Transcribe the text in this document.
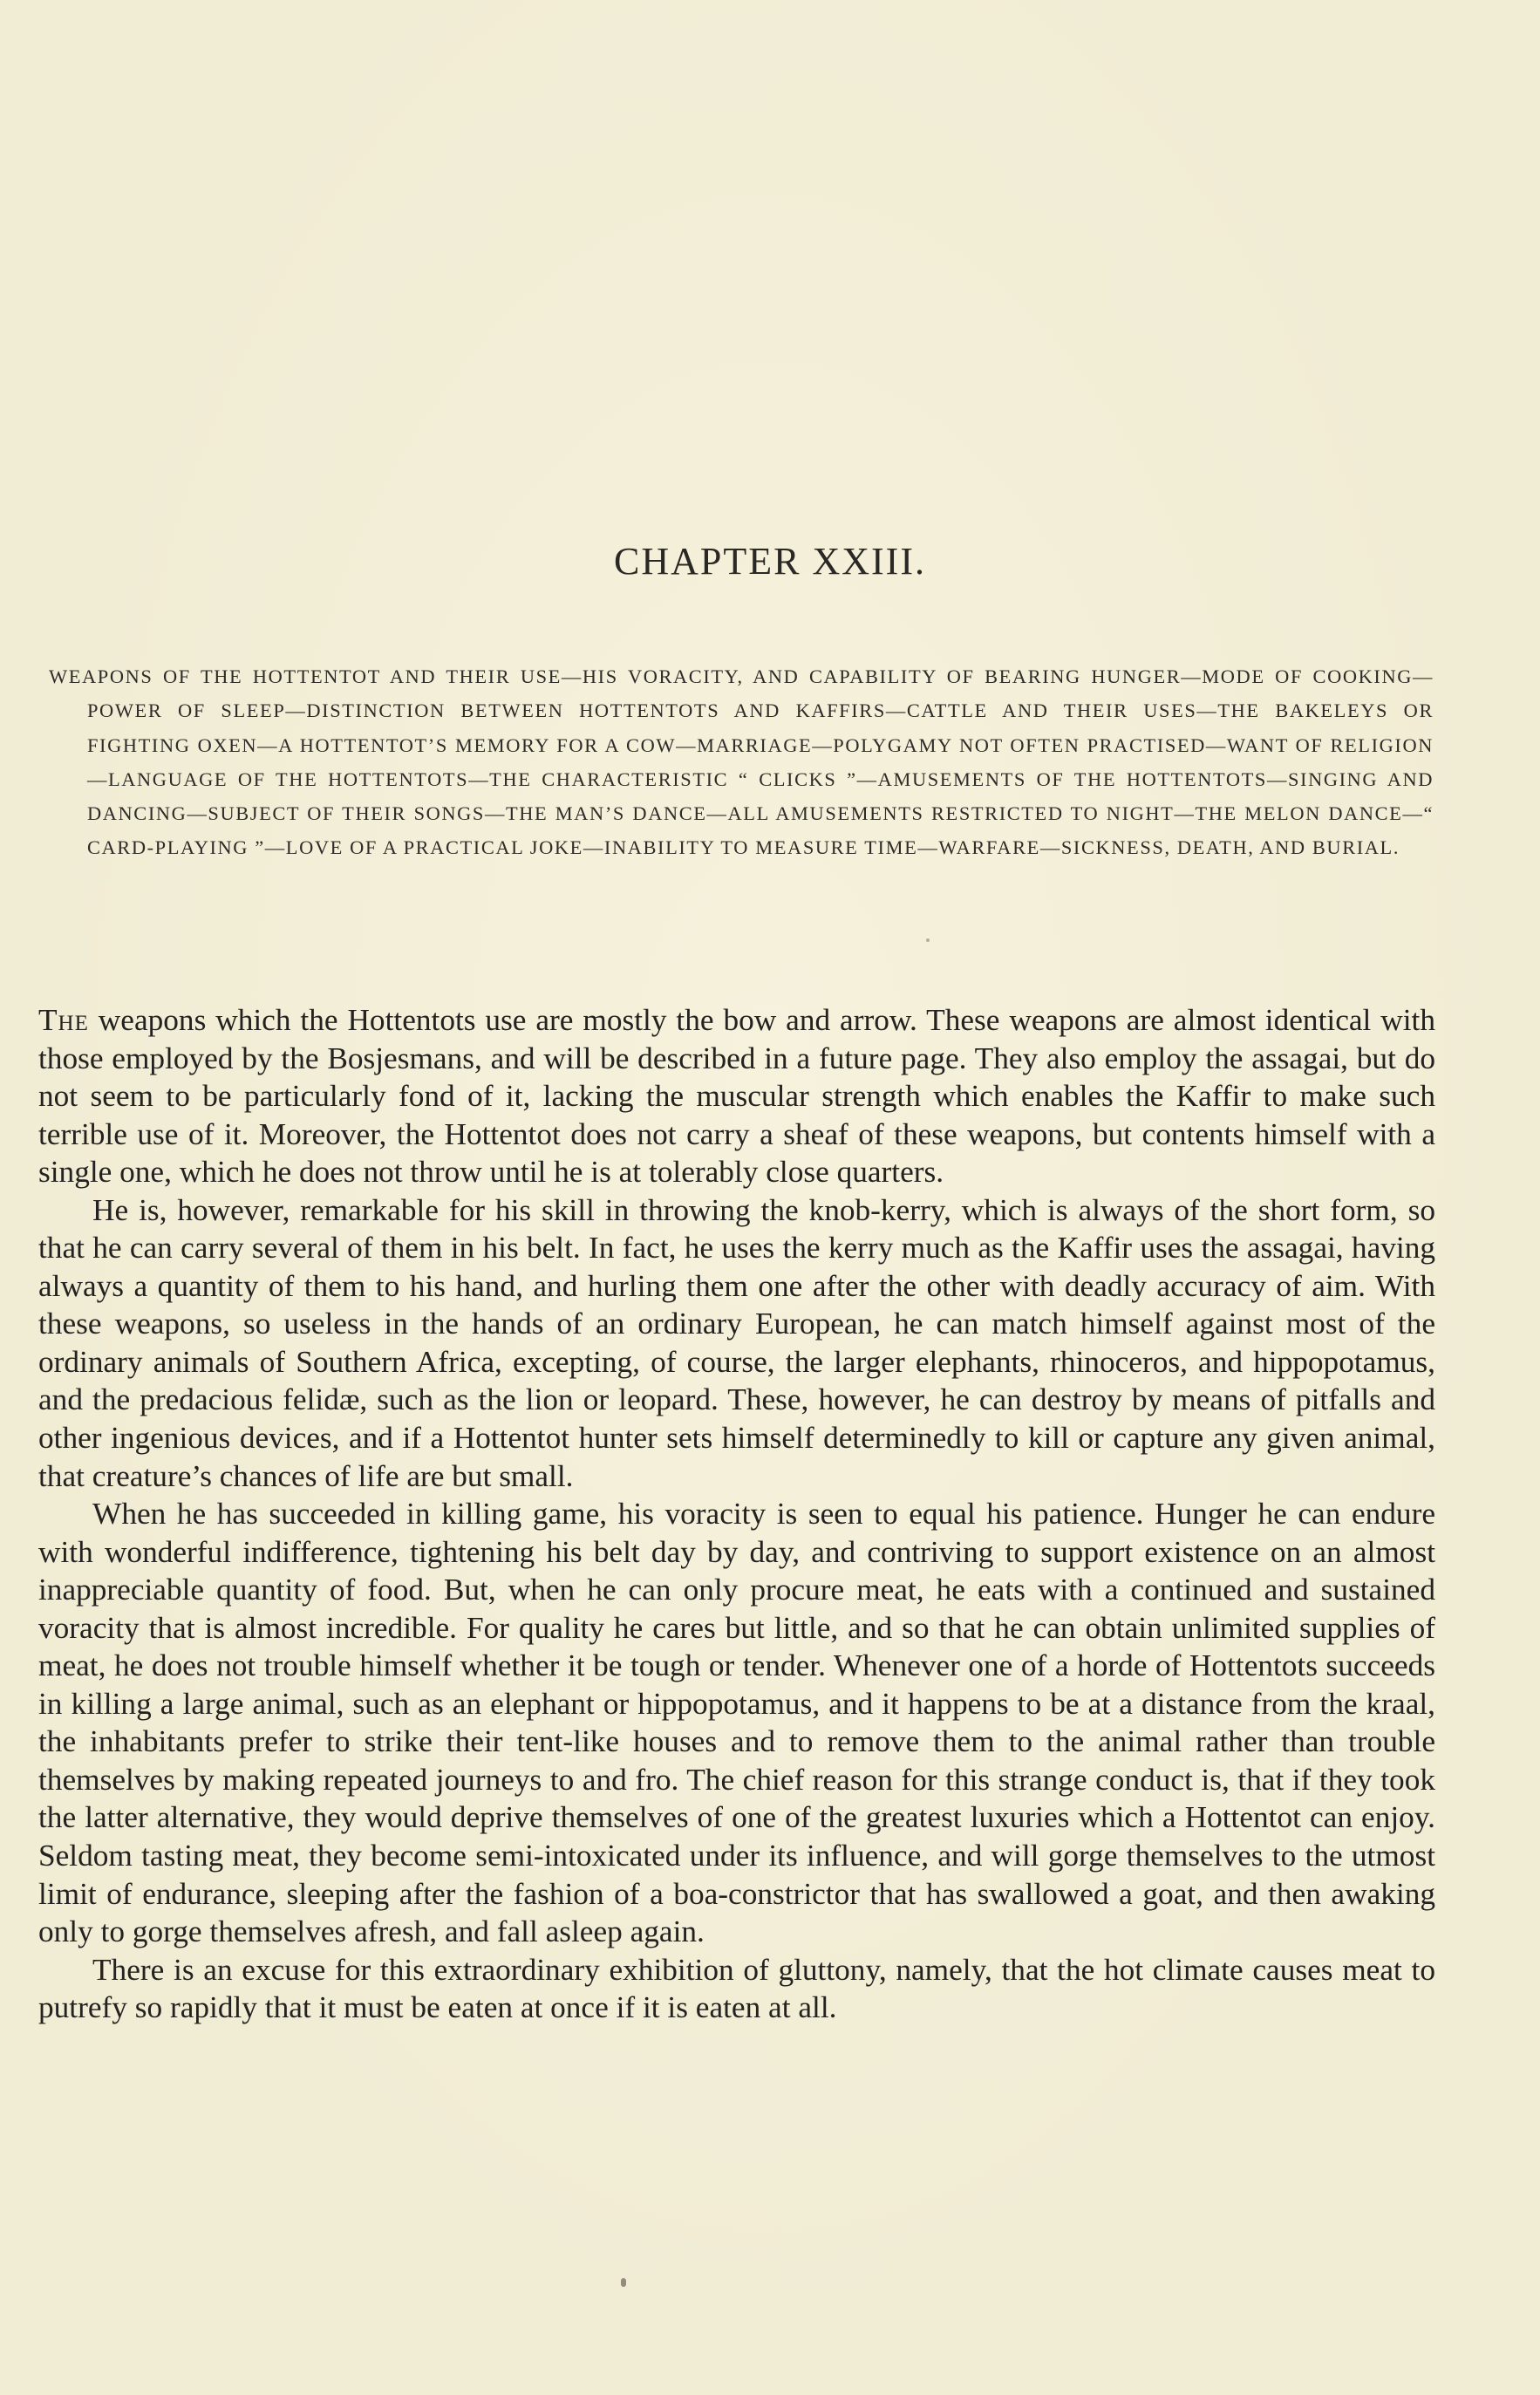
CHAPTER XXIII.

WEAPONS OF THE HOTTENTOT AND THEIR USE—HIS VORACITY, AND CAPABILITY OF BEARING HUNGER—MODE OF COOKING—POWER OF SLEEP—DISTINCTION BETWEEN HOTTENTOTS AND KAFFIRS—CATTLE AND THEIR USES—THE BAKELEYS OR FIGHTING OXEN—A HOTTENTOT’S MEMORY FOR A COW—MARRIAGE—POLYGAMY NOT OFTEN PRACTISED—WANT OF RELIGION—LANGUAGE OF THE HOTTENTOTS—THE CHARACTERISTIC “ CLICKS ”—AMUSEMENTS OF THE HOTTENTOTS—SINGING AND DANCING—SUBJECT OF THEIR SONGS—THE MAN’S DANCE—ALL AMUSEMENTS RESTRICTED TO NIGHT—THE MELON DANCE—“ CARD-PLAYING ”—LOVE OF A PRACTICAL JOKE—INABILITY TO MEASURE TIME—WARFARE—SICKNESS, DEATH, AND BURIAL.

The weapons which the Hottentots use are mostly the bow and arrow. These weapons are almost identical with those employed by the Bosjesmans, and will be described in a future page. They also employ the assagai, but do not seem to be particularly fond of it, lacking the muscular strength which enables the Kaffir to make such terrible use of it. Moreover, the Hottentot does not carry a sheaf of these weapons, but contents himself with a single one, which he does not throw until he is at tolerably close quarters.

He is, however, remarkable for his skill in throwing the knob-kerry, which is always of the short form, so that he can carry several of them in his belt. In fact, he uses the kerry much as the Kaffir uses the assagai, having always a quantity of them to his hand, and hurling them one after the other with deadly accuracy of aim. With these weapons, so useless in the hands of an ordinary European, he can match himself against most of the ordinary animals of Southern Africa, excepting, of course, the larger elephants, rhinoceros, and hippopotamus, and the predacious felidæ, such as the lion or leopard. These, however, he can destroy by means of pitfalls and other ingenious devices, and if a Hottentot hunter sets himself determinedly to kill or capture any given animal, that creature’s chances of life are but small.

When he has succeeded in killing game, his voracity is seen to equal his patience. Hunger he can endure with wonderful indifference, tightening his belt day by day, and contriving to support existence on an almost inappreciable quantity of food. But, when he can only procure meat, he eats with a continued and sustained voracity that is almost incredible. For quality he cares but little, and so that he can obtain unlimited supplies of meat, he does not trouble himself whether it be tough or tender. Whenever one of a horde of Hottentots succeeds in killing a large animal, such as an elephant or hippopotamus, and it happens to be at a distance from the kraal, the inhabitants prefer to strike their tent-like houses and to remove them to the animal rather than trouble themselves by making repeated journeys to and fro. The chief reason for this strange conduct is, that if they took the latter alternative, they would deprive themselves of one of the greatest luxuries which a Hottentot can enjoy. Seldom tasting meat, they become semi-intoxicated under its influence, and will gorge themselves to the utmost limit of endurance, sleeping after the fashion of a boa-constrictor that has swallowed a goat, and then awaking only to gorge themselves afresh, and fall asleep again.

There is an excuse for this extraordinary exhibition of gluttony, namely, that the hot climate causes meat to putrefy so rapidly that it must be eaten at once if it is eaten at all.
